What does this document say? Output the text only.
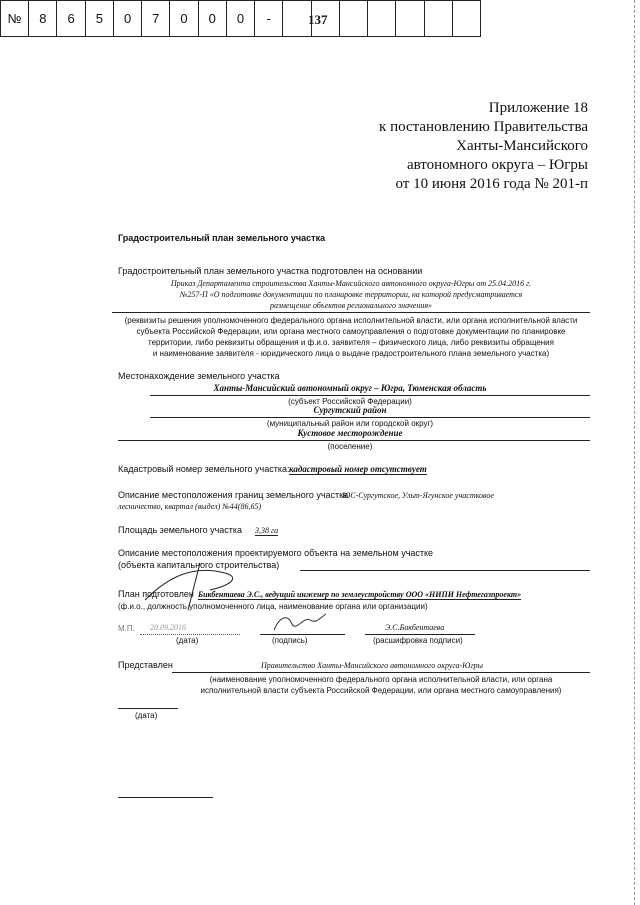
137
Приложение 18
к постановлению Правительства
Ханты-Мансийского
автономного округа – Югры
от 10 июня 2016 года № 201-п
Градостроительный план земельного участка
№	8	6	5	0	7	0	0	0	-
Градостроительный план земельного участка подготовлен на основании
Приказ Департамента строительства Ханты-Мансийского автономного округа-Югры от 25.04.2016 г.
№257-П «О подготовке документации по планировке территории, на которой предусматривается
размещение объектов регионального значения»
(реквизиты решения уполномоченного федерального органа исполнительной власти, или органа исполнительной власти
субъекта Российской Федерации, или органа местного самоуправления о подготовке документации по планировке
территории, либо реквизиты обращения и ф.и.о. заявителя – физического лица, либо реквизиты обращения
и наименование заявителя - юридического лица о выдаче градостроительного плана земельного участка)
Местонахождение земельного участка
Ханты-Мансийский автономный округ – Югра, Тюменская область
(субъект Российской Федерации)
Сургутский район
(муниципальный район или городской округ)
Кустовое месторождение
(поселение)
Кадастровый номер земельного участка: кадастровый номер отсутствует
Описание местоположения границ земельного участка
ЮС-Сургутское, Ульт-Ягунское участковое
лесничество, квартал (выдел) №44(86,65)
Площадь земельного участка 3,38 га
Описание местоположения проектируемого объекта на земельном участке
(объекта капитального строительства)
План подготовлен Бикбентаева Э.С., ведущий инженер по землеустройству ООО «НИПИ Нефтегазпроект»
(ф.и.о., должность уполномоченного лица, наименование органа или организации)
М.П. 20.09.2016
(дата)	(подпись)
Э.С.Бикбентаева
(расшифровка подписи)
Представлен	Правительство Ханты-Мансийского автономного округа-Югры
(наименование уполномоченного федерального органа исполнительной власти, или органа
исполнительной власти субъекта Российской Федерации, или органа местного самоуправления)
(дата)
